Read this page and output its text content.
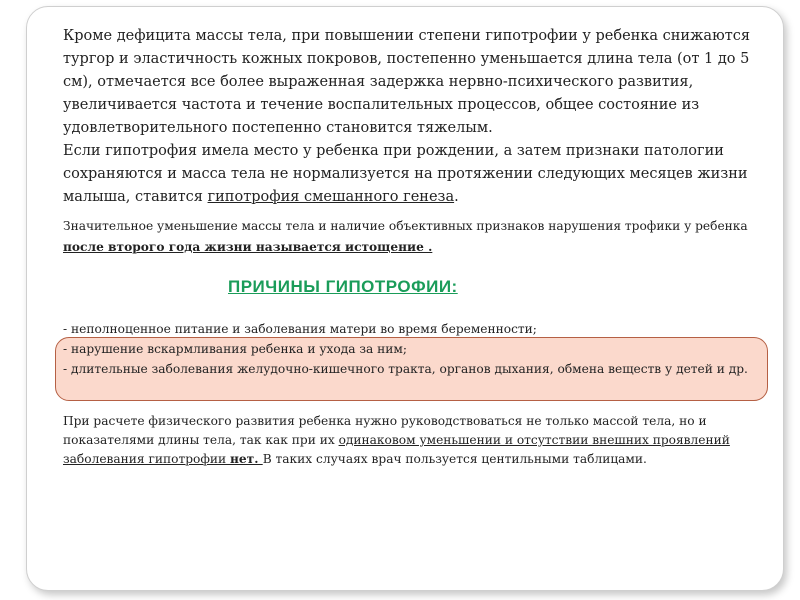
Кроме дефицита массы тела, при повышении степени гипотрофии у ребенка снижаются тургор и эластичность кожных покровов, постепенно уменьшается длина тела (от 1 до 5 см), отмечается все более выраженная задержка нервно-психического развития, увеличивается частота и течение воспалительных процессов, общее состояние из удовлетворительного постепенно становится тяжелым.
Если гипотрофия имела место у ребенка при рождении, а затем признаки патологии сохраняются и масса тела не нормализуется на протяжении следующих месяцев жизни малыша, ставится гипотрофия смешанного генеза.

Значительное уменьшение массы тела и наличие объективных признаков нарушения трофики у ребенка после второго года жизни называется истощение .

ПРИЧИНЫ ГИПОТРОФИИ:
- неполноценное питание и заболевания матери во время беременности;
- нарушение вскармливания ребенка и ухода за ним;
- длительные заболевания желудочно-кишечного тракта, органов дыхания, обмена веществ у детей и др.

При расчете физического развития ребенка нужно руководствоваться не только массой тела, но и показателями длины тела, так как при их одинаковом уменьшении и отсутствии внешних проявлений заболевания гипотрофии нет. В таких случаях врач пользуется центильными таблицами.
